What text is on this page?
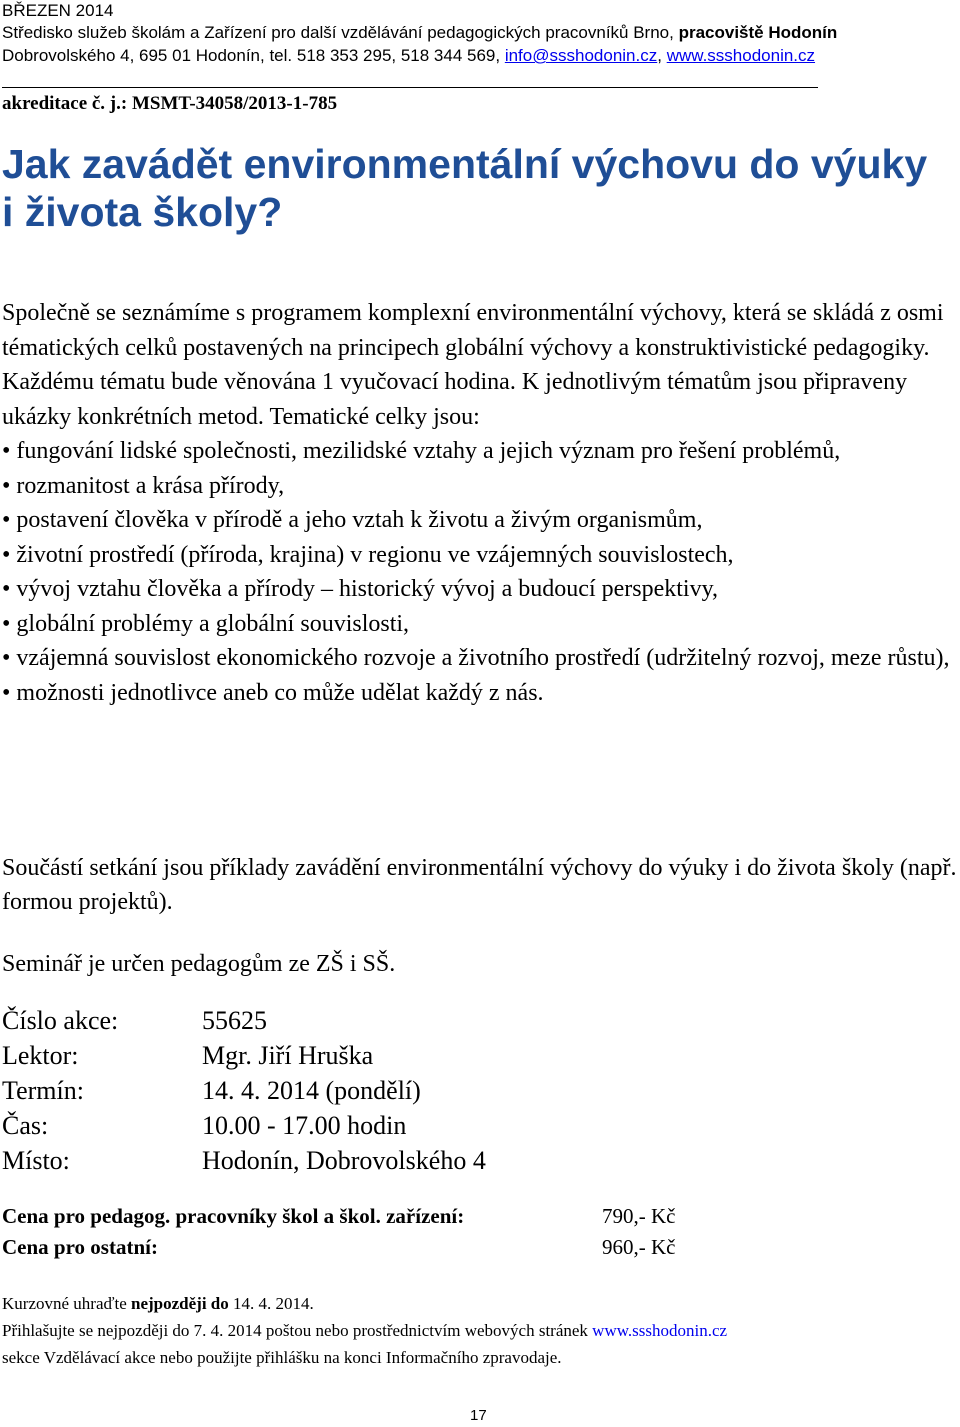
BŘEZEN 2014
Středisko služeb školám a Zařízení pro další vzdělávání pedagogických pracovníků Brno, pracoviště Hodonín
Dobrovolského 4, 695 01 Hodonín, tel. 518 353 295, 518 344 569, info@ssshodonin.cz, www.ssshodonin.cz
akreditace č. j.: MSMT-34058/2013-1-785
Jak zavádět environmentální výchovu do výuky i života školy?

Společně se seznámíme s programem komplexní environmentální výchovy, která se skládá z osmi tématických celků postavených na principech globální výchovy a konstruktivistické pedagogiky. Každému tématu bude věnována 1 vyučovací hodina. K jednotlivým tématům jsou připraveny ukázky konkrétních metod. Tematické celky jsou:

• fungování lidské společnosti, mezilidské vztahy a jejich význam pro řešení problémů,

• rozmanitost a krása přírody,

• postavení člověka v přírodě a jeho vztah k životu a živým organismům,

• životní prostředí (příroda, krajina) v regionu ve vzájemných souvislostech,

• vývoj vztahu člověka a přírody – historický vývoj a budoucí perspektivy,

• globální problémy a globální souvislosti,

• vzájemná souvislost ekonomického rozvoje a životního prostředí (udržitelný rozvoj, meze růstu),

• možnosti jednotlivce aneb co může udělat každý z nás.

Součástí setkání jsou příklady zavádění environmentální výchovy do výuky i do života školy (např. formou projektů).
Seminář je určen pedagogům ze ZŠ i SŠ.
Číslo akce:	55625
Lektor:	Mgr. Jiří Hruška
Termín:	14. 4. 2014 (pondělí)
Čas:	10.00 - 17.00 hodin
Místo:	Hodonín, Dobrovolského 4
Cena pro pedagog. pracovníky škol a škol. zařízení:	790,- Kč
Cena pro ostatní:	960,- Kč
Kurzovné uhraďte nejpozději do 14. 4. 2014.
Přihlašujte se nejpozději do 7. 4. 2014 poštou nebo prostřednictvím webových stránek www.ssshodonin.cz
sekce Vzdělávací akce nebo použijte přihlášku na konci Informačního zpravodaje.
17
